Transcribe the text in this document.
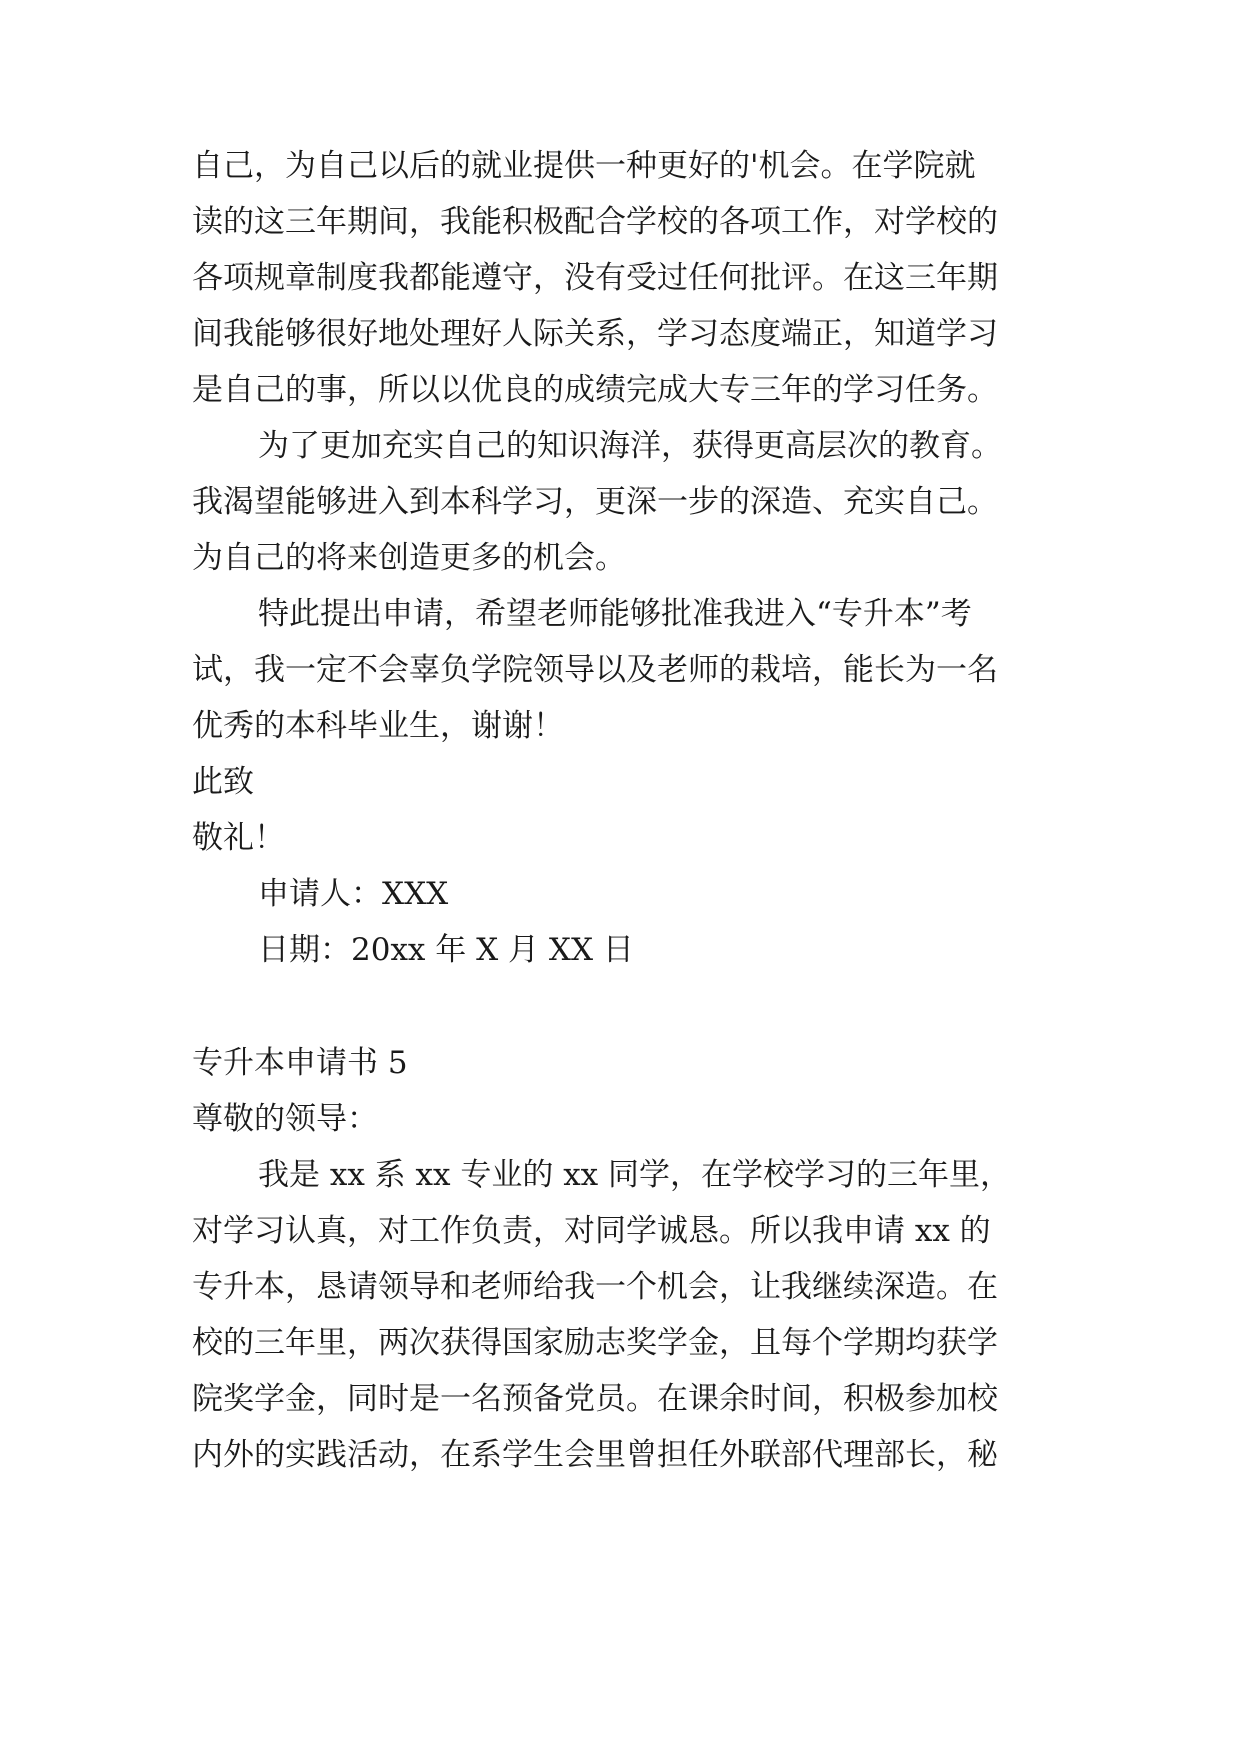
自己，为自己以后的就业提供一种更好的'机会。在学院就
读的这三年期间，我能积极配合学校的各项工作，对学校的
各项规章制度我都能遵守，没有受过任何批评。在这三年期
间我能够很好地处理好人际关系，学习态度端正，知道学习
是自己的事，所以以优良的成绩完成大专三年的学习任务。
为了更加充实自己的知识海洋，获得更高层次的教育。
我渴望能够进入到本科学习，更深一步的深造、充实自己。
为自己的将来创造更多的机会。
特此提出申请，希望老师能够批准我进入“专升本”考
试，我一定不会辜负学院领导以及老师的栽培，能长为一名
优秀的本科毕业生，谢谢！
此致
敬礼！
申请人：XXX
日期：20xx 年 X 月 XX 日
专升本申请书 5
尊敬的领导：
我是 xx 系 xx 专业的 xx 同学，在学校学习的三年里，
对学习认真，对工作负责，对同学诚恳。所以我申请 xx 的
专升本，恳请领导和老师给我一个机会，让我继续深造。在
校的三年里，两次获得国家励志奖学金，且每个学期均获学
院奖学金，同时是一名预备党员。在课余时间，积极参加校
内外的实践活动，在系学生会里曾担任外联部代理部长，秘
